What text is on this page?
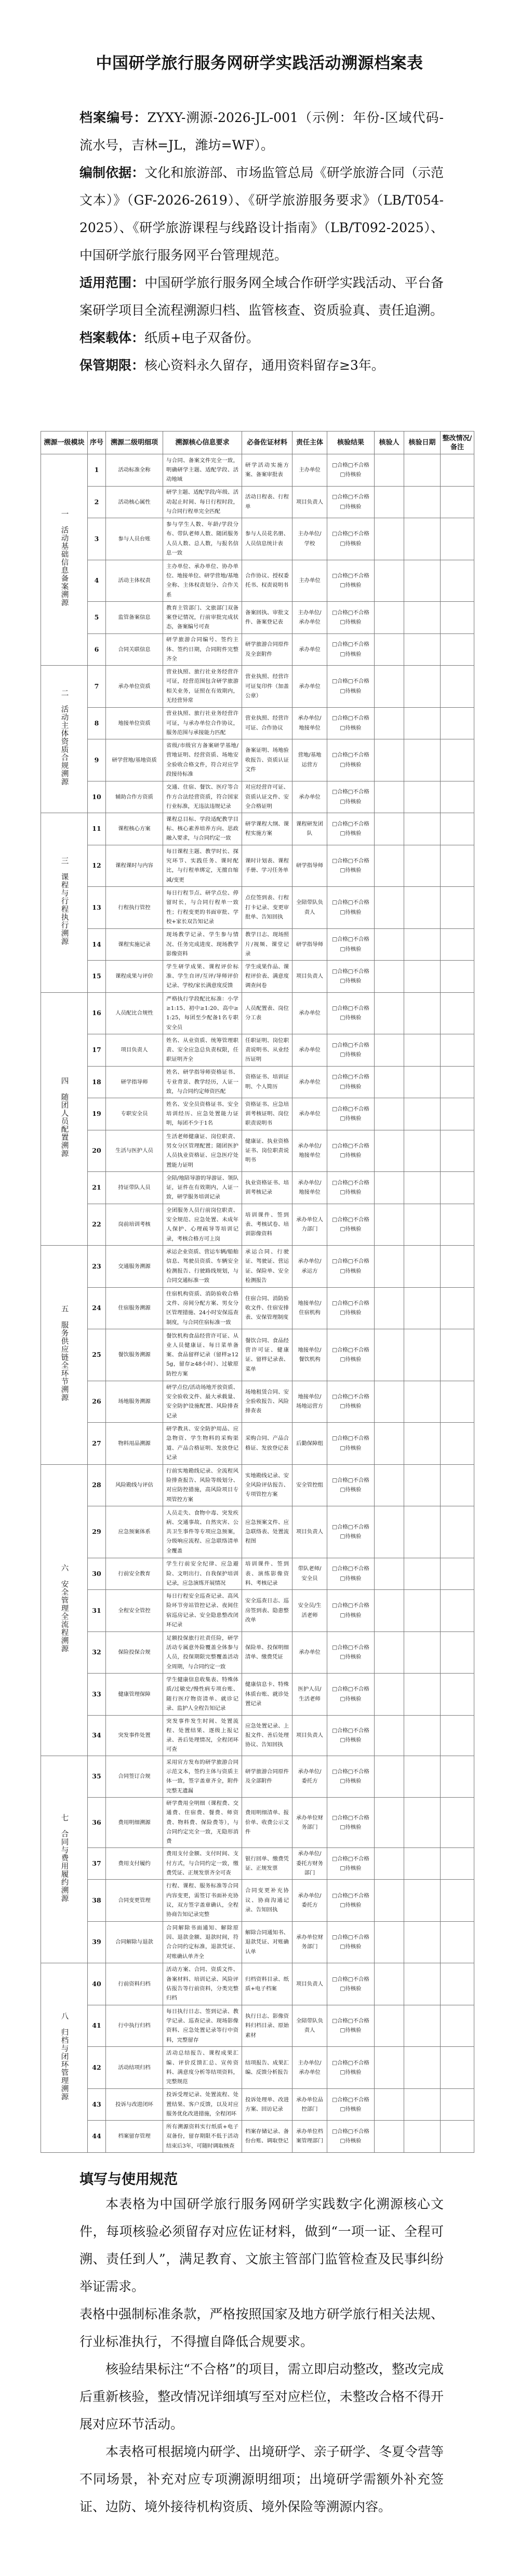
中国研学旅行服务网研学实践活动溯源档案表

档案编号：ZYXY-溯源-2026-JL-001（示例：年份-区域代码-流水号，吉林=JL，潍坊=WF）。

编制依据：文化和旅游部、市场监管总局《研学旅游合同（示范文本）》（GF-2026-2619）、《研学旅游服务要求》（LB/T054-2025）、《研学旅游课程与线路设计指南》（LB/T092-2025）、中国研学旅行服务网平台管理规范。

适用范围：中国研学旅行服务网全域合作研学实践活动、平台备案研学项目全流程溯源归档、监管核查、资质验真、责任追溯。

档案载体：纸质+电子双备份。

保管期限：核心资料永久留存，通用资料留存≥3年。

溯源一级模块	序号	溯源二级明细项	溯源核心信息要求	必备佐证材料	责任主体	核验结果	核验人	核验日期	整改情况/备注
一　活动基础信息备案溯源	1	活动标准全称	与合同、备案文件完全一致，明确研学主题、适配学段、活动地域	研学活动实施方案、备案审批表	主办单位	□合格□不合格
□待核验			

	2	活动核心属性	研学主题、适配学段/年级、活动起止时间、每日行程时段，与合同行程单完全匹配	活动日程表、行程单	项目负责人	□合格□不合格
□待核验			

	3	参与人员台账	参与学生人数、年龄/学段分布、带队老师人数、随团服务人员人数、总人数，与报名信息一致	参与人员花名册、人员信息统计表	主办单位/学校	□合格□不合格
□待核验			

	4	活动主体权责	主办单位、承办单位、协办单位、地接单位、研学营地/基地全称、主体权责划分、合作关系	合作协议、授权委托书、权责说明书	主办单位	□合格□不合格
□待核验			

	5	监管备案信息	教育主管部门、文旅部门双备案登记情况，行前审批完成状态，备案编号可查	备案回执、审批文件、备案登记表	主办单位/承办单位	□合格□不合格
□待核验			

	6	合同关联信息	研学旅游合同编号、签约主体、签约日期，合同附件完整齐全	研学旅游合同原件及全套附件	承办单位	□合格□不合格
□待核验			

二　活动主体资质合规溯源	7	承办单位资质	营业执照、旅行社业务经营许可证，经营范围包含研学旅游相关业务，证照在有效期内，无经营异常	营业执照、经营许可证复印件（加盖公章）	承办单位	□合格□不合格
□待核验			

	8	地接单位资质	营业执照、旅行社业务经营许可证，与承办单位合作协议，服务范围与承接能力匹配	营业执照、经营许可证、合作协议	承办单位/地接单位	□合格□不合格
□待核验			

	9	研学营地/基地资质	省级/市级官方备案研学基地/营地证明、经营资质、场地安全验收合格文件，符合对应学段接待标准	备案证明、场地验收报告、资质认证文件	营地/基地运营方	□合格□不合格
□待核验			

	10	辅助合作方资质	交通、住宿、餐饮、医疗等合作方合法经营资质，符合国家行业标准，无违法违规记录	对应经营许可证、资质认证文件、安全合格证明	承办单位	□合格□不合格
□待核验			

三　课程与行程执行溯源	11	课程核心方案	课程总目标、学段适配教学目标、核心素养培养方向、思政融入要求，与合同约定一致	研学课程大纲、课程实施方案	课程研发团队	□合格□不合格
□待核验			

	12	课程课时与内容	每日课程主题、教学时长、探究环节、实践任务、课时配比，与行程单绑定，无擅自缩减/变更	课时计划表、课程手册、学习任务单	研学指导师	□合格□不合格
□待核验			

	13	行程执行管控	每日行程节点、研学点位、停留时长，与合同行程单一致性；行程变更的书面审批、学校+家长双告知记录	点位签到表、行程打卡记录、变更审批单、告知回执	全陪带队负责人	□合格□不合格
□待核验			

	14	课程实施记录	现场教学记录、学生参与情况、任务完成进度、现场教学影像资料	教学日志、现场照片/视频、课堂记录	研学指导师	□合格□不合格
□待核验			

	15	课程成果与评价	学生研学成果、课程评价标准、学生自评/互评/导师评价记录、学校/家长满意度反馈	学生成果作品、课程评价表、满意度调查问卷	项目负责人	□合格□不合格
□待核验			

四　随团人员配置溯源	16	人员配比合规性	严格执行学段配比标准：小学≥1:15、初中≥1:20、高中≥1:25，每团至少配备1名专职安全员	人员配置表、岗位分工表	承办单位	□合格□不合格
□待核验			

	17	项目负责人	姓名、从业资质、统筹管理职责、安全应急总负责权限，任职证明齐全	任职证明、岗位职责说明书、从业经历证明	承办单位	□合格□不合格
□待核验			

	18	研学指导师	姓名、研学指导师资格证书、专业背景、教学经历，人证一致，与合同约定师资匹配	资格证书、培训证明、个人简历	承办单位	□合格□不合格
□待核验			

	19	专职安全员	姓名、安全员资格证书、安全培训经历、应急处置能力证明，每团不少于1名	资格证书、应急培训考核证明、岗位职责说明书	承办单位	□合格□不合格
□待核验			

	20	生活与医护人员	生活老师健康证、岗位职责、男女分区管理配置；随团医护人员执业资格证、应急医疗处置能力证明	健康证、执业资格证书、岗位职责说明书	承办单位/地接单位	□合格□不合格
□待核验			

	21	持证带队人员	全陪/地陪导游的导游证、领队证，证件在有效期内，人证一致，研学服务培训记录	执业资格证书、培训考核记录	承办单位/地接单位	□合格□不合格
□待核验			

	22	岗前培训考核	全团服务人员行前岗位职责、安全规范、应急处置、未成年人保护、心理疏导等培训记录，考核合格方可上岗	培训课件、签到表、考核试卷、培训影像资料	承办单位人力部门	□合格□不合格
□待核验			

五　服务供应链全环节溯源	23	交通服务溯源	承运企业资质、营运车辆/船舶信息、驾驶员资质、车辆安全检测报告、行驶路线规划，与合同交通标准一致	承运合同、行驶证、驾驶证、营运证、保险单、安全检测报告	承办单位/承运方	□合格□不合格
□待核验			

	24	住宿服务溯源	住宿机构资质、消防验收合格文件、房间分配方案、男女分区管理措施、24小时安保巡查制度，与合同住宿标准一致	住宿合同、消防验收文件、住宿安排表、安保管理制度	地接单位/住宿机构	□合格□不合格
□待核验			

	25	餐饮服务溯源	餐饮机构食品经营许可证、从业人员健康证、每日菜单备案、食品留样记录（留样≥125g，留存≥48小时）、过敏原防控方案	餐饮合同、食品经营许可证、健康证、留样记录表、菜单	地接单位/餐饮机构	□合格□不合格
□待核验			

	26	场地服务溯源	研学点位/活动场地开放资质、安全验收文件、最大承载量、安全防护设施配置、风险排查记录	场地租赁合同、安全验收报告、风险排查表	地接单位/场地运营方	□合格□不合格
□待核验			

	27	物料用品溯源	研学教具、安全防护用品、应急物资、学生物料的采购渠道、产品合格证明、发放登记记录	采购合同、产品合格证、发放登记表	后勤保障组	□合格□不合格
□待核验			

六　安全管理全流程溯源	28	风险勘线与评估	行前实地勘线记录、全流程风险排查报告、风险等级划分、对应防控措施，高风险项目专项管控方案	实地勘线记录、安全风险评估报告、专项管控方案	安全管控组	□合格□不合格
□待核验			

	29	应急预案体系	人员走失、食物中毒、突发疾病、交通事故、自然灾害、公共卫生事件等专项应急预案，分级响应流程、应急联络清单全覆盖	应急预案文件、应急联络表、处置流程图	项目负责人	□合格□不合格
□待核验			

	30	行前安全教育	学生行前安全纪律、应急避险、文明出行、自我保护培训记录，应急演练开展情况	培训课件、签到表、演练影像资料、考核记录	带队老师/安全员	□合格□不合格
□待核验			

	31	全程安全管控	每日行程安全巡查记录、高风险环节旁站管控记录、夜间住宿巡房记录、安全隐患整改闭环记录	安全巡查日志、巡房签到表、隐患整改单	安全员/生活老师	□合格□不合格
□待核验			

	32	保险投保合规	足额投保旅行社责任险，研学活动专属意外险覆盖全体参与人员，投保期限完整覆盖活动全周期，与合同约定一致	保险单、投保明细清单、缴费凭证	承办单位	□合格□不合格
□待核验			

	33	健康管理保障	学生健康信息收集表、特殊体质/过敏史/慢性病专项台账、随行医疗物资清单、就诊记录、监护人全程告知记录	健康信息卡、特殊体质台账、就诊处置记录	医护人员/生活老师	□合格□不合格
□待核验			

	34	突发事件处置	突发事件发生时间、处置流程、处置结果、逐级上报记录、善后处理情况，全程闭环可查	应急处置记录、上报文件、善后处理协议、告知回执	项目负责人	□合格□不合格
□待核验			

七　合同与费用履约溯源	35	合同签订合规	采用官方发布的研学旅游合同示范文本，签约主体与资质主体一致，签字盖章齐全，附件完整无遗漏	研学旅游合同原件及全部附件	承办单位/委托方	□合格□不合格
□待核验			

	36	费用明细溯源	研学费用全明细（课程费、交通费、住宿费、餐费、师资费、物料费、保险费等），与合同约定完全一致，无隐形消费	费用明细清单、报价单、收费公示文件	承办单位财务部门	□合格□不合格
□待核验			

	37	费用支付履约	费用支付金额、支付时间、支付方式，与合同约定一致，缴费凭证、正规发票齐全可查	银行回单、缴费凭证、正规发票	承办单位/委托方财务部门	□合格□不合格
□待核验			

	38	合同变更管理	行程、课程、服务标准等合同内容变更，需签订书面补充协议，双方签字盖章确认，全程协商告知记录完整	合同变更补充协议、协商沟通记录、告知回执	承办单位/委托方	□合格□不合格
□待核验			

	39	合同解除与退款	合同解除书面通知、解除原因、退款金额、退款时间，符合合同约定标准，退款凭证、对账确认单齐全	解除合同通知书、退款凭证、对账确认单	承办单位财务部门	□合格□不合格
□待核验			

八　归档与闭环管理溯源	40	行前资料归档	活动方案、合同、资质文件、备案材料、培训记录、风险评估报告等行前资料，分类完整归档	归档资料目录、纸质+电子档案	项目负责人	□合格□不合格
□待核验			

	41	行中执行归档	每日执行日志、签到记录、教学记录、巡查记录、现场影像资料、应急处置记录等行中资料，完整留存	执行日志、影像资料归档目录、原始素材	全陪带队负责人	□合格□不合格
□待核验			

	42	活动结项归档	活动总结报告、课程成果汇编、评价反馈汇总、宣传资料、满意度分析等结项资料，完整规范	结项报告、成果汇编、反馈分析报告	主办单位/承办单位	□合格□不合格
□待核验			

	43	投诉与改进闭环	投诉受理记录、处置流程、处置结果、客户反馈，以及对应服务优化改进措施，全程闭环	投诉处理单、改进方案、回访记录	承办单位品控部门	□合格□不合格
□待核验			

	44	档案留存管理	所有溯源资料实行纸质+电子双备份，留存期限不低于活动结束后3年，可随时调取核查	档案存储记录、备份台账、调取登记	承办单位档案管理部门	□合格□不合格
□待核验			

填写与使用规范

本表格为中国研学旅行服务网研学实践数字化溯源核心文件，每项核验必须留存对应佐证材料，做到“一项一证、全程可溯、责任到人”，满足教育、文旅主管部门监管检查及民事纠纷举证需求。

表格中强制标准条款，严格按照国家及地方研学旅行相关法规、行业标准执行，不得擅自降低合规要求。

核验结果标注“不合格”的项目，需立即启动整改，整改完成后重新核验，整改情况详细填写至对应栏位，未整改合格不得开展对应环节活动。

本表格可根据境内研学、出境研学、亲子研学、冬夏令营等不同场景，补充对应专项溯源明细项；出境研学需额外补充签证、边防、境外接待机构资质、境外保险等溯源内容。
